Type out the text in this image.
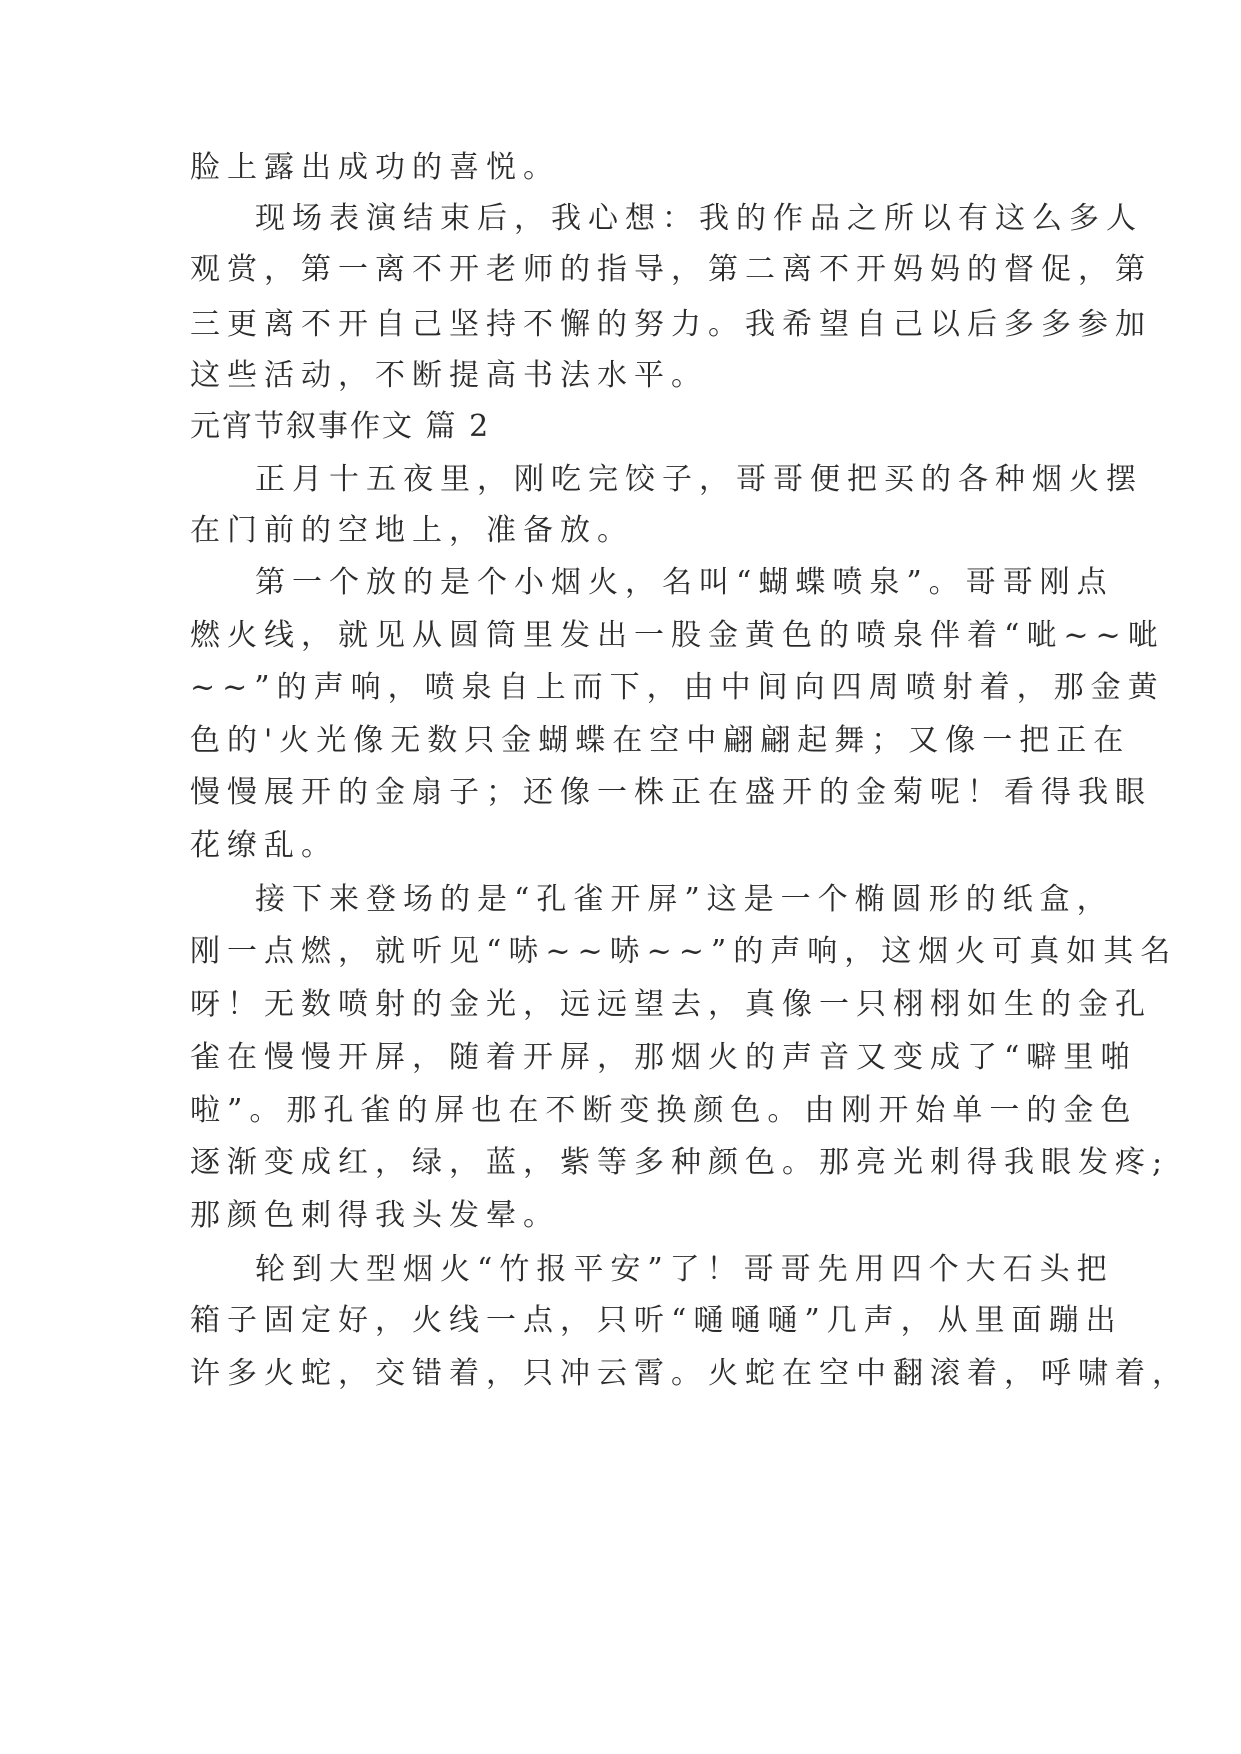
脸上露出成功的喜悦。
现场表演结束后，我心想：我的作品之所以有这么多人
观赏，第一离不开老师的指导，第二离不开妈妈的督促，第
三更离不开自己坚持不懈的努力。我希望自己以后多多参加
这些活动，不断提高书法水平。
元宵节叙事作文 篇 2
正月十五夜里，刚吃完饺子，哥哥便把买的各种烟火摆
在门前的空地上，准备放。
第一个放的是个小烟火，名叫“蝴蝶喷泉”。哥哥刚点
燃火线，就见从圆筒里发出一股金黄色的喷泉伴着“呲~~呲
~~”的声响，喷泉自上而下，由中间向四周喷射着，那金黄
色的'火光像无数只金蝴蝶在空中翩翩起舞；又像一把正在
慢慢展开的金扇子；还像一株正在盛开的金菊呢！看得我眼
花缭乱。
接下来登场的是“孔雀开屏”这是一个椭圆形的纸盒，
刚一点燃，就听见“哧~~哧~~”的声响，这烟火可真如其名
呀！无数喷射的金光，远远望去，真像一只栩栩如生的金孔
雀在慢慢开屏，随着开屏，那烟火的声音又变成了“噼里啪
啦”。那孔雀的屏也在不断变换颜色。由刚开始单一的金色
逐渐变成红，绿，蓝，紫等多种颜色。那亮光刺得我眼发疼;
那颜色刺得我头发晕。
轮到大型烟火“竹报平安”了！哥哥先用四个大石头把
箱子固定好，火线一点，只听“嗵嗵嗵”几声，从里面蹦出
许多火蛇，交错着，只冲云霄。火蛇在空中翻滚着，呼啸着，
